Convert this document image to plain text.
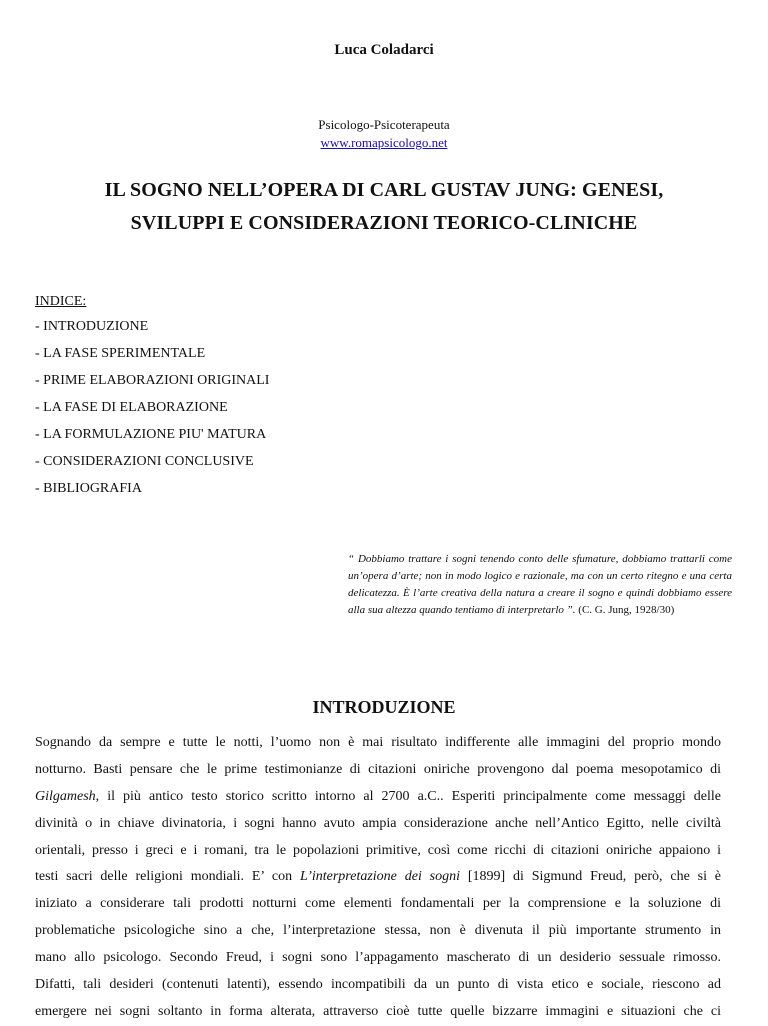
Luca Coladarci
Psicologo-Psicoterapeuta
www.romapsicologo.net
IL SOGNO NELL’OPERA DI CARL GUSTAV JUNG: GENESI,
SVILUPPI E CONSIDERAZIONI TEORICO-CLINICHE
INDICE:
- INTRODUZIONE
- LA FASE SPERIMENTALE
- PRIME ELABORAZIONI ORIGINALI
- LA FASE DI ELABORAZIONE
- LA FORMULAZIONE PIU' MATURA
- CONSIDERAZIONI CONCLUSIVE
- BIBLIOGRAFIA
“ Dobbiamo trattare i sogni tenendo conto delle sfumature, dobbiamo trattarli come un’opera d’arte; non in modo logico e razionale, ma con un certo ritegno e una certa delicatezza. È l’arte creativa della natura a creare il sogno e quindi dobbiamo essere alla sua altezza quando tentiamo di interpretarlo ”. (C. G. Jung, 1928/30)
INTRODUZIONE

Sognando da sempre e tutte le notti, l’uomo non è mai risultato indifferente alle immagini del proprio mondo
notturno. Basti pensare che le prime testimonianze di citazioni oniriche provengono dal poema mesopotamico di
Gilgamesh, il più antico testo storico scritto intorno al 2700 a.C.. Esperiti principalmente come messaggi delle
divinità o in chiave divinatoria, i sogni hanno avuto ampia considerazione anche nell’Antico Egitto, nelle civiltà
orientali, presso i greci e i romani, tra le popolazioni primitive, così come ricchi di citazioni oniriche appaiono i
testi sacri delle religioni mondiali. E’ con L’interpretazione dei sogni [1899] di Sigmund Freud, però, che si è
iniziato a considerare tali prodotti notturni come elementi fondamentali per la comprensione e la soluzione di
problematiche psicologiche sino a che, l’interpretazione stessa, non è divenuta il più importante strumento in
mano allo psicologo. Secondo Freud, i sogni sono l’appagamento mascherato di un desiderio sessuale rimosso.
Difatti, tali desideri (contenuti latenti), essendo incompatibili da un punto di vista etico e sociale, riescono ad
emergere nei sogni soltanto in forma alterata, attraverso cioè tutte quelle bizzarre immagini e situazioni che ci
